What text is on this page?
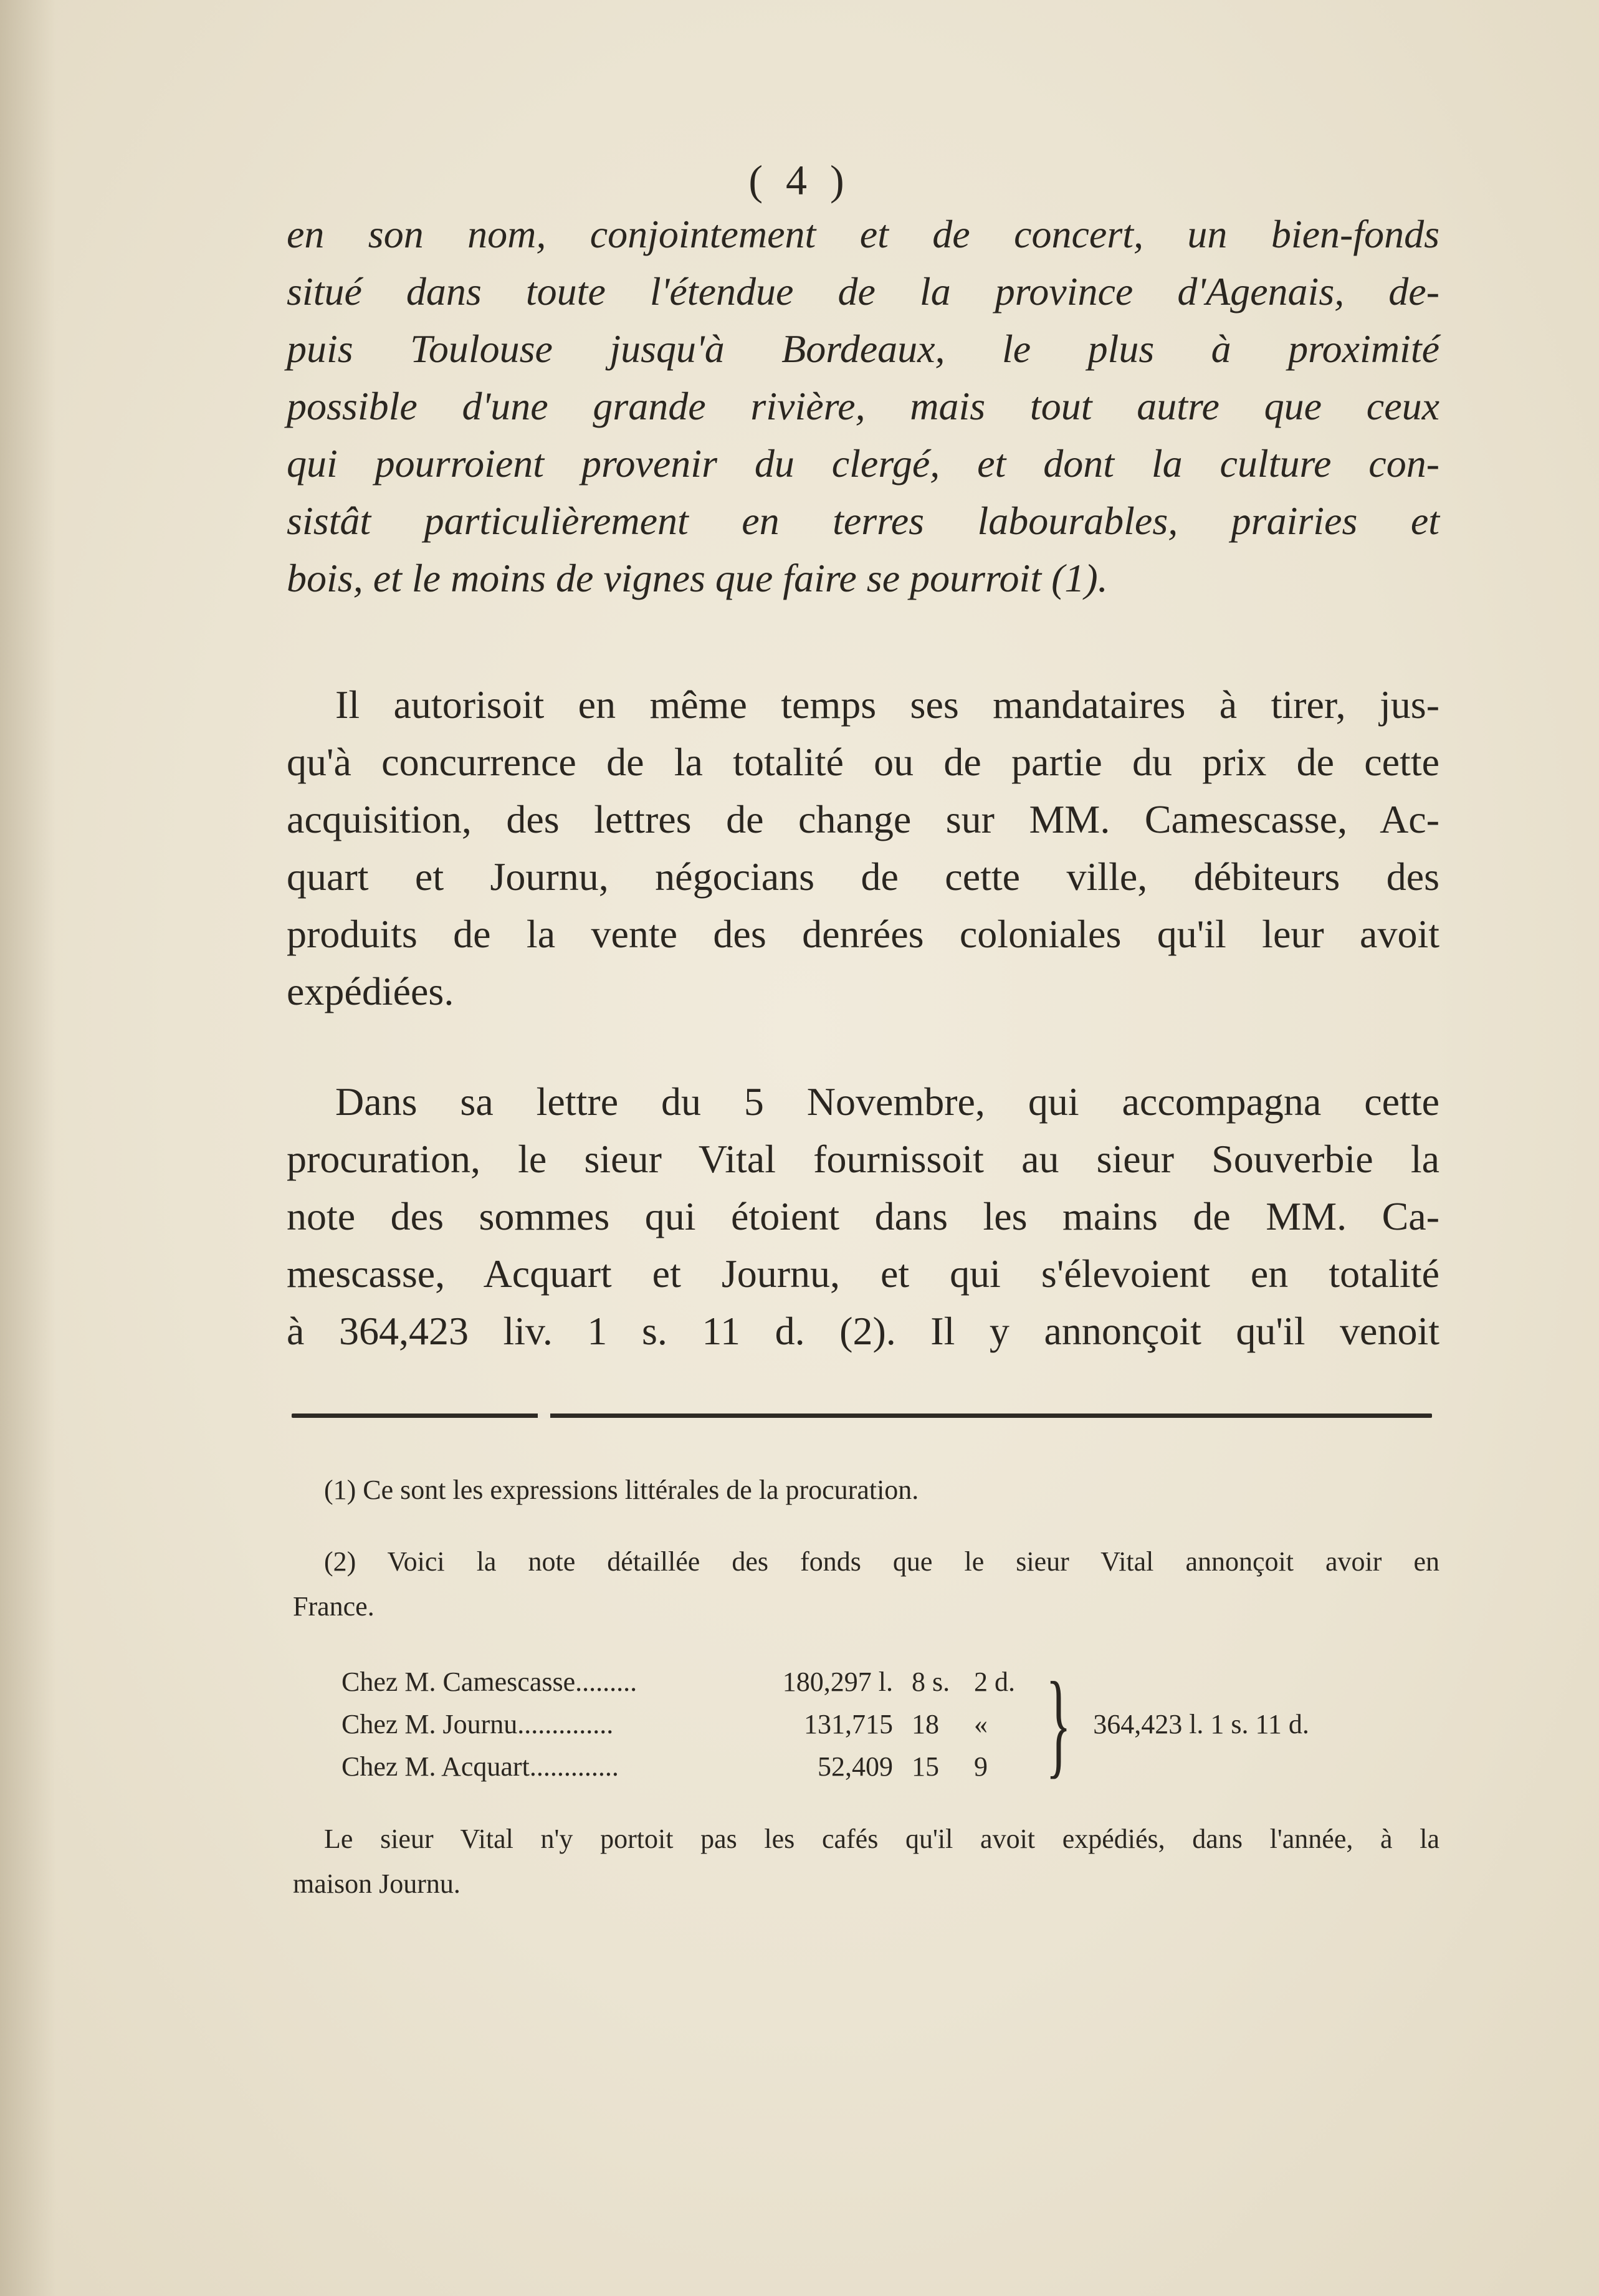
( 4 )
en son nom, conjointement et de concert, un bien-fonds
situé dans toute l'étendue de la province d'Agenais, de-
puis Toulouse jusqu'à Bordeaux, le plus à proximité
possible d'une grande rivière, mais tout autre que ceux
qui pourroient provenir du clergé, et dont la culture con-
sistât particulièrement en terres labourables, prairies et
bois, et le moins de vignes que faire se pourroit (1).
Il autorisoit en même temps ses mandataires à tirer, jus-
qu'à concurrence de la totalité ou de partie du prix de cette
acquisition, des lettres de change sur MM. Camescasse, Ac-
quart et Journu, négocians de cette ville, débiteurs des
produits de la vente des denrées coloniales qu'il leur avoit
expédiées.
Dans sa lettre du 5 Novembre, qui accompagna cette
procuration, le sieur Vital fournissoit au sieur Souverbie la
note des sommes qui étoient dans les mains de MM. Ca-
mescasse, Acquart et Journu, et qui s'élevoient en totalité
à 364,423 liv. 1 s. 11 d. (2). Il y annonçoit qu'il venoit
(1) Ce sont les expressions littérales de la procuration.
(2) Voici la note détaillée des fonds que le sieur Vital annonçoit avoir en
France.
Chez M. Camescasse.........	180,297 l.	8 s.	2 d.	}	364,423 l. 1 s. 11 d.
Chez M. Journu..............	131,715	18	«		
Chez M. Acquart.............	52,409	15	9		
Le sieur Vital n'y portoit pas les cafés qu'il avoit expédiés, dans l'année, à la
maison Journu.
